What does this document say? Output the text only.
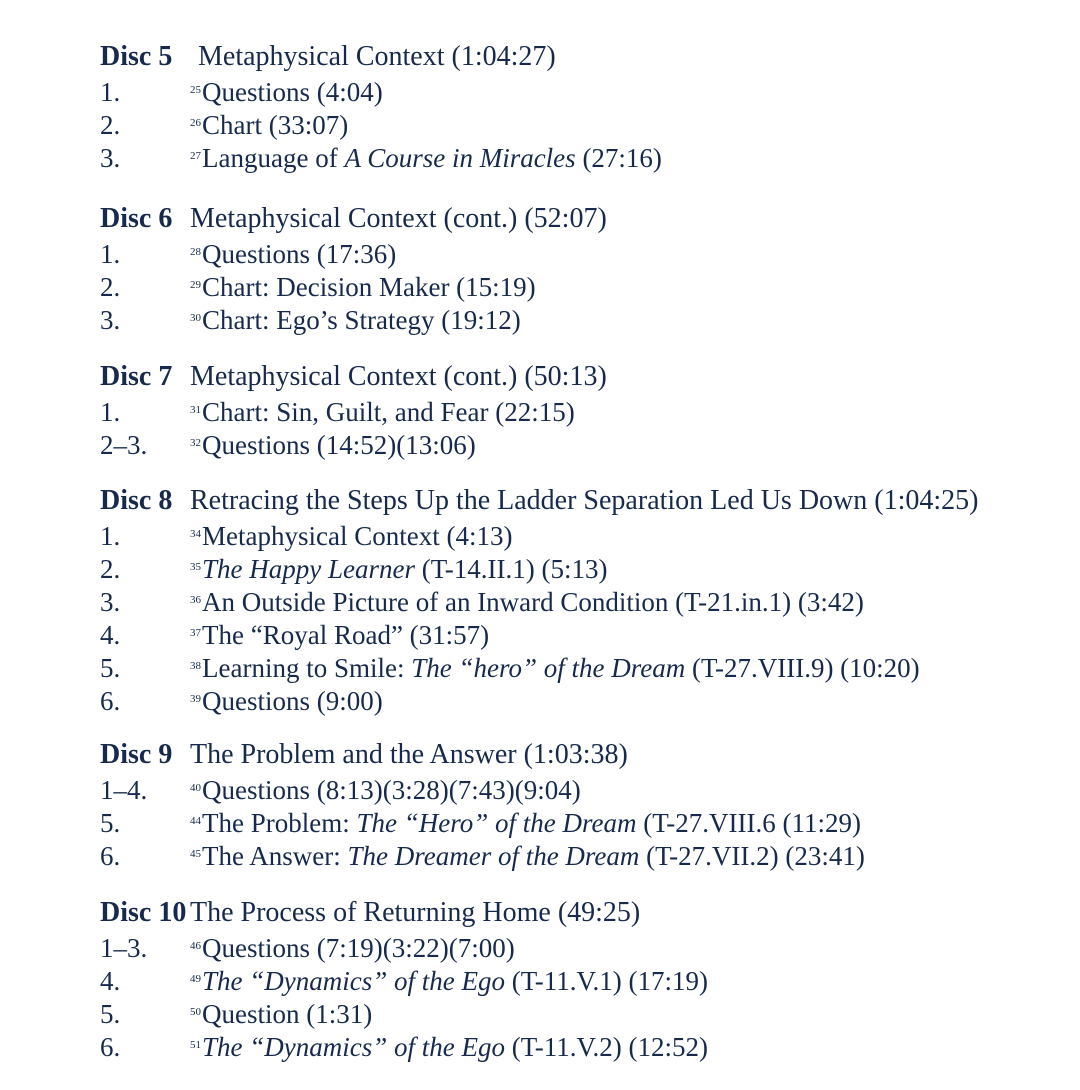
Disc 5 Metaphysical Context (1:04:27)
1.	$^{25}$Questions (4:04)
2.	$^{26}$Chart (33:07)
3.	$^{27}$Language of A Course in Miracles (27:16)
Disc 6 Metaphysical Context (cont.) (52:07)
1.	$^{28}$Questions (17:36)
2.	$^{29}$Chart: Decision Maker (15:19)
3.	$^{30}$Chart: Ego’s Strategy (19:12)
Disc 7 Metaphysical Context (cont.) (50:13)
1.	$^{31}$Chart: Sin, Guilt, and Fear (22:15)
2–3.	$^{32}$Questions (14:52)(13:06)
Disc 8 Retracing the Steps Up the Ladder Separation Led Us Down (1:04:25)
1.	$^{34}$Metaphysical Context (4:13)
2.	$^{35}$The Happy Learner (T-14.II.1) (5:13)
3.	$^{36}$An Outside Picture of an Inward Condition (T-21.in.1) (3:42)
4.	$^{37}$The “Royal Road” (31:57)
5.	$^{38}$Learning to Smile: The “hero” of the Dream (T-27.VIII.9) (10:20)
6.	$^{39}$Questions (9:00)
Disc 9 The Problem and the Answer (1:03:38)
1–4.	$^{40}$Questions (8:13)(3:28)(7:43)(9:04)
5.	$^{44}$The Problem: The “Hero” of the Dream (T-27.VIII.6 (11:29)
6.	$^{45}$The Answer: The Dreamer of the Dream (T-27.VII.2) (23:41)
Disc 10 The Process of Returning Home (49:25)
1–3.	$^{46}$Questions (7:19)(3:22)(7:00)
4.	$^{49}$The “Dynamics” of the Ego (T-11.V.1) (17:19)
5.	$^{50}$Question (1:31)
6.	$^{51}$The “Dynamics” of the Ego (T-11.V.2) (12:52)
